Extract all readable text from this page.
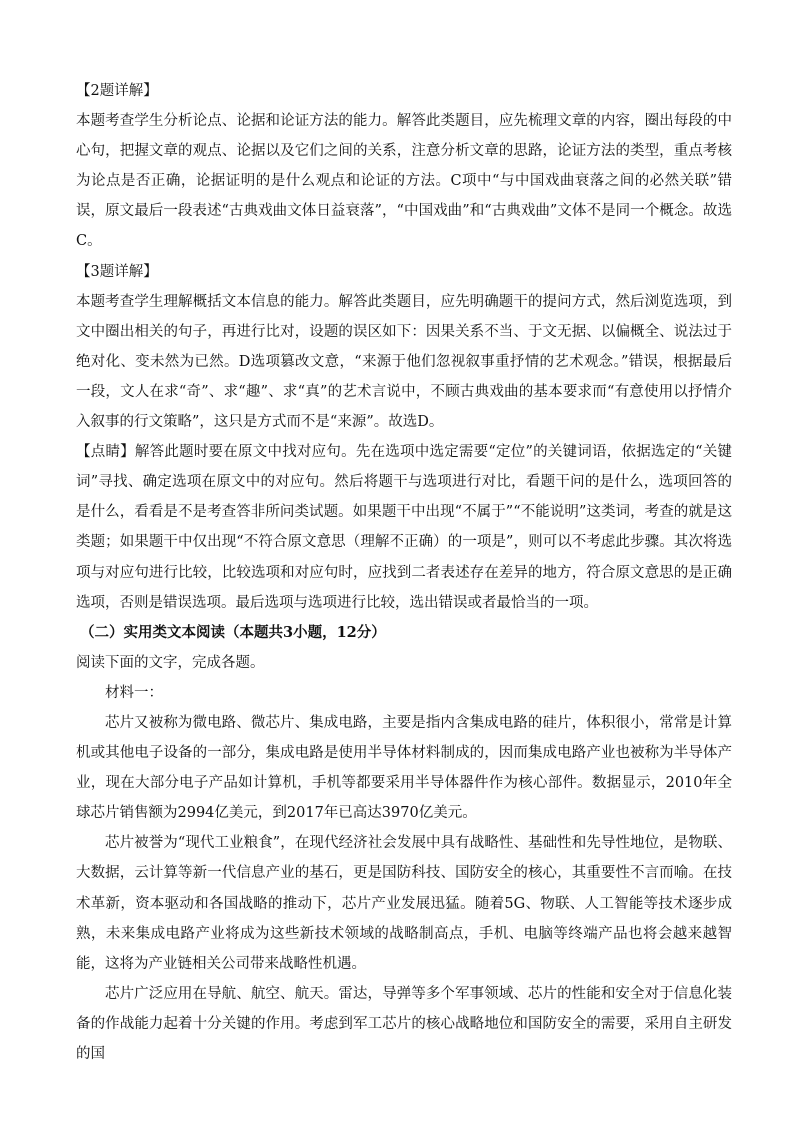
【2题详解】

本题考查学生分析论点、论据和论证方法的能力。解答此类题目，应先梳理文章的内容，圈出每段的中心句，把握文章的观点、论据以及它们之间的关系，注意分析文章的思路，论证方法的类型，重点考核为论点是否正确，论据证明的是什么观点和论证的方法。C项中“与中国戏曲衰落之间的必然关联”错误，原文最后一段表述“古典戏曲文体日益衰落”，“中国戏曲”和“古典戏曲”文体不是同一个概念。故选C。

【3题详解】

本题考查学生理解概括文本信息的能力。解答此类题目，应先明确题干的提问方式，然后浏览选项，到文中圈出相关的句子，再进行比对，设题的误区如下：因果关系不当、于文无据、以偏概全、说法过于绝对化、变未然为已然。D选项篡改文意，“来源于他们忽视叙事重抒情的艺术观念。”错误，根据最后一段，文人在求“奇”、求“趣”、求“真”的艺术言说中，不顾古典戏曲的基本要求而“有意使用以抒情介入叙事的行文策略”，这只是方式而不是“来源”。故选D。

【点睛】解答此题时要在原文中找对应句。先在选项中选定需要“定位”的关键词语，依据选定的“关键词”寻找、确定选项在原文中的对应句。然后将题干与选项进行对比，看题干问的是什么，选项回答的是什么，看看是不是考查答非所问类试题。如果题干中出现“不属于”“不能说明”这类词，考查的就是这类题；如果题干中仅出现“不符合原文意思（理解不正确）的一项是”，则可以不考虑此步骤。其次将选项与对应句进行比较，比较选项和对应句时，应找到二者表述存在差异的地方，符合原文意思的是正确选项，否则是错误选项。最后选项与选项进行比较，选出错误或者最恰当的一项。

（二）实用类文本阅读（本题共3小题，12分）

阅读下面的文字，完成各题。

材料一：

芯片又被称为微电路、微芯片、集成电路，主要是指内含集成电路的硅片，体积很小，常常是计算机或其他电子设备的一部分，集成电路是使用半导体材料制成的，因而集成电路产业也被称为半导体产业，现在大部分电子产品如计算机，手机等都要采用半导体器件作为核心部件。数据显示，2010年全球芯片销售额为2994亿美元，到2017年已高达3970亿美元。

芯片被誉为“现代工业粮食”，在现代经济社会发展中具有战略性、基础性和先导性地位，是物联、大数据，云计算等新一代信息产业的基石，更是国防科技、国防安全的核心，其重要性不言而喻。在技术革新，资本驱动和各国战略的推动下，芯片产业发展迅猛。随着5G、物联、人工智能等技术逐步成熟，未来集成电路产业将成为这些新技术领域的战略制高点，手机、电脑等终端产品也将会越来越智能，这将为产业链相关公司带来战略性机遇。

芯片广泛应用在导航、航空、航天。雷达，导弹等多个军事领域、芯片的性能和安全对于信息化装备的作战能力起着十分关键的作用。考虑到军工芯片的核心战略地位和国防安全的需要，采用自主研发的国
